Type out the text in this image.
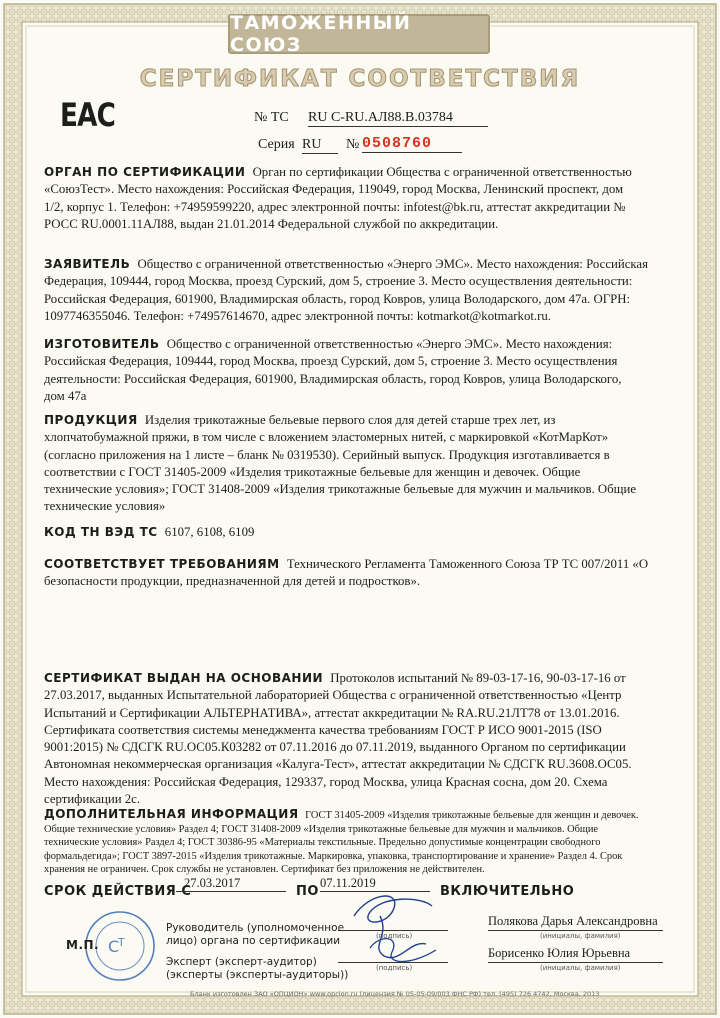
ТАМОЖЕННЫЙ СОЮЗ
СЕРТИФИКАТ СООТВЕТСТВИЯ
ЕАС	№ ТС RU C-RU.АЛ88.В.03784
Серия RU	№ 0508760
ОРГАН ПО СЕРТИФИКАЦИИ Орган по сертификации Общества с ограниченной ответственностью
«СоюзТест». Место нахождения: Российская Федерация, 119049, город Москва, Ленинский проспект, дом
1/2, корпус 1. Телефон: +74959599220, адрес электронной почты: infotest@bk.ru, аттестат аккредитации №
РОСС RU.0001.11АЛ88, выдан 21.01.2014 Федеральной службой по аккредитации.
ЗАЯВИТЕЛЬ Общество с ограниченной ответственностью «Энерго ЭМС». Место нахождения: Российская
Федерация, 109444, город Москва, проезд Сурский, дом 5, строение 3. Место осуществления деятельности:
Российская Федерация, 601900, Владимирская область, город Ковров, улица Володарского, дом 47а. ОГРН:
1097746355046. Телефон: +74957614670, адрес электронной почты: kotmarkot@kotmarkot.ru.
ИЗГОТОВИТЕЛЬ Общество с ограниченной ответственностью «Энерго ЭМС». Место нахождения:
Российская Федерация, 109444, город Москва, проезд Сурский, дом 5, строение 3. Место осуществления
деятельности: Российская Федерация, 601900, Владимирская область, город Ковров, улица Володарского,
дом 47а
ПРОДУКЦИЯ Изделия трикотажные бельевые первого слоя для детей старше трех лет, из
хлопчатобумажной пряжи, в том числе с вложением эластомерных нитей, с маркировкой «КотМарКот»
(согласно приложения на 1 листе – бланк № 0319530). Серийный выпуск. Продукция изготавливается в
соответствии с ГОСТ 31405-2009 «Изделия трикотажные бельевые для женщин и девочек. Общие
технические условия»; ГОСТ 31408-2009 «Изделия трикотажные бельевые для мужчин и мальчиков. Общие
технические условия»
КОД ТН ВЭД ТС 6107, 6108, 6109
СООТВЕТСТВУЕТ ТРЕБОВАНИЯМ Технического Регламента Таможенного Союза ТР ТС 007/2011 «О
безопасности продукции, предназначенной для детей и подростков».
СЕРТИФИКАТ ВЫДАН НА ОСНОВАНИИ Протоколов испытаний № 89-03-17-16, 90-03-17-16 от
27.03.2017, выданных Испытательной лабораторией Общества с ограниченной ответственностью «Центр
Испытаний и Сертификации АЛЬТЕРНАТИВА», аттестат аккредитации № RA.RU.21ЛТ78 от 13.01.2016.
Сертификата соответствия системы менеджмента качества требованиям ГОСТ Р ИСО 9001-2015 (ISO
9001:2015) № СДСГК RU.ОС05.К03282 от 07.11.2016 до 07.11.2019, выданного Органом по сертификации
Автономная некоммерческая организация «Калуга-Тест», аттестат аккредитации № СДСГК RU.3608.ОС05.
Место нахождения: Российская Федерация, 129337, город Москва, улица Красная сосна, дом 20. Схема
сертификации 2с.
ДОПОЛНИТЕЛЬНАЯ ИНФОРМАЦИЯ ГОСТ 31405-2009 «Изделия трикотажные бельевые для женщин и девочек.
Общие технические условия» Раздел 4; ГОСТ 31408-2009 «Изделия трикотажные бельевые для мужчин и мальчиков. Общие
технические условия» Раздел 4; ГОСТ 30386-95 «Материалы текстильные. Предельно допустимые концентрации свободного
формальдегида»; ГОСТ 3897-2015 «Изделия трикотажные. Маркировка, упаковка, транспортирование и хранение» Раздел 4. Срок
хранения не ограничен. Срок службы не установлен. Сертификат без приложения не действителен.
СРОК ДЕЙСТВИЯ С
27.03.2017
ПО
07.11.2019
ВКЛЮЧИТЕЛЬНО
C
T
М.П.
Руководитель (уполномоченное
лицо) органа по сертификации
Эксперт (эксперт-аудитор)
(эксперты (эксперты-аудиторы))
(подпись)
(подпись)
Полякова Дарья Александровна
(инициалы, фамилия)
Борисенко Юлия Юрьевна
(инициалы, фамилия)
Бланк изготовлен ЗАО «ОПЦИОН» www.opcion.ru (лицензия № 05-05-09/003 ФНС РФ) тел. (495) 726 4742, Москва, 2013
